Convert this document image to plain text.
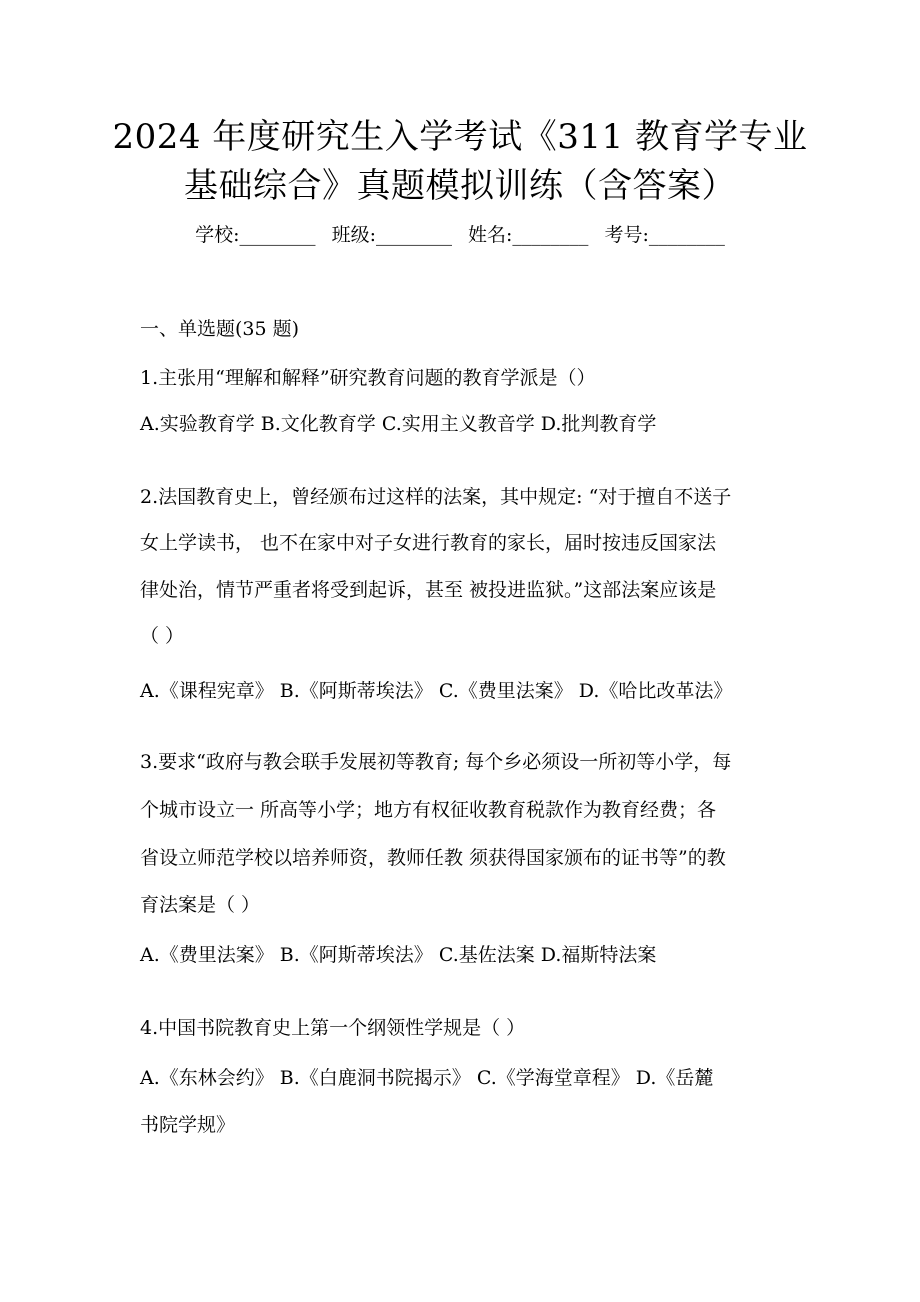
2024 年度研究生入学考试《311 教育学专业
基础综合》真题模拟训练（含答案）
学校:________ 班级:________ 姓名:________ 考号:________
一、单选题(35 题)
1.主张用“理解和解释”研究教育问题的教育学派是（）
A.实验教育学 B.文化教育学 C.实用主义教音学 D.批判教育学
2.法国教育史上，曾经颁布过这样的法案，其中规定: “对于擅自不送子
女上学读书， 也不在家中对子女进行教育的家长，届时按违反国家法
律处治，情节严重者将受到起诉，甚至 被投进监狱。”这部法案应该是
（ ）
A.《课程宪章》 B.《阿斯蒂埃法》 C.《费里法案》 D.《哈比改革法》
3.要求“政府与教会联手发展初等教育; 每个乡必须设一所初等小学，每
个城市设立一 所高等小学；地方有权征收教育税款作为教育经费；各
省设立师范学校以培养师资，教师任教 须获得国家颁布的证书等”的教
育法案是（ ）
A.《费里法案》 B.《阿斯蒂埃法》 C.基佐法案 D.福斯特法案
4.中国书院教育史上第一个纲领性学规是（ ）
A.《东林会约》 B.《白鹿洞书院揭示》 C.《学海堂章程》 D.《岳麓
书院学规》
